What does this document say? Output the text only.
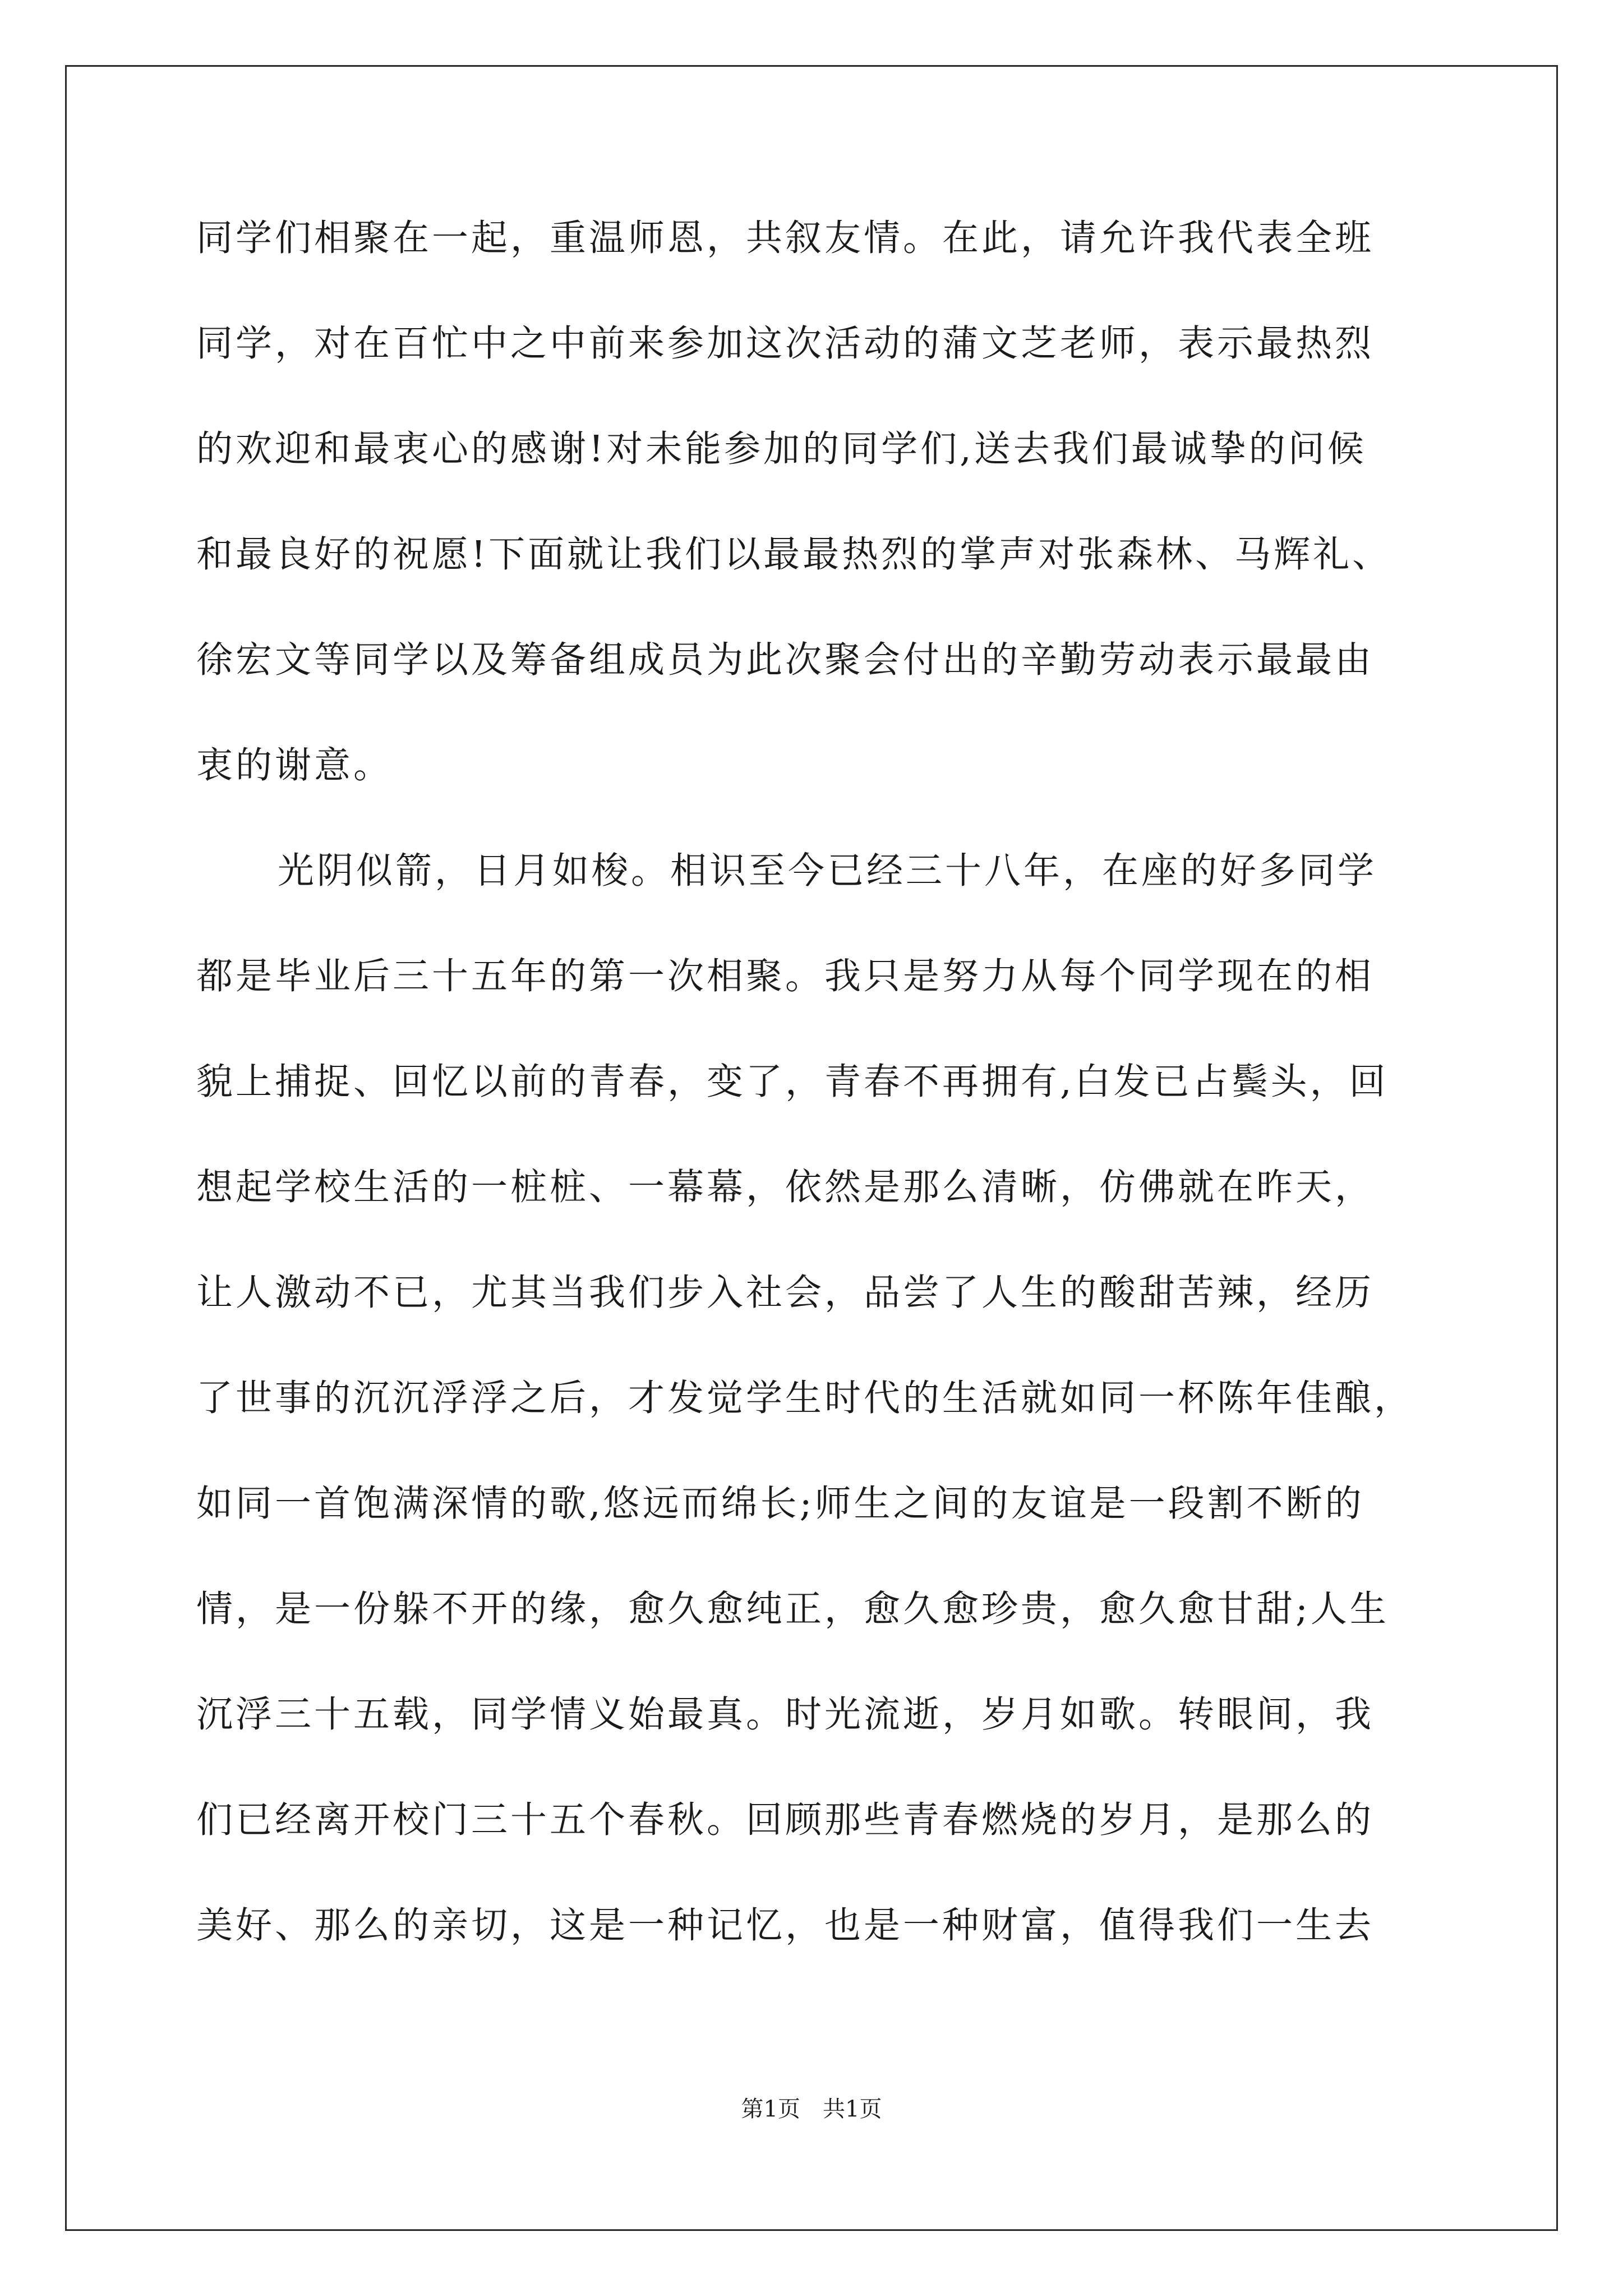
同学们相聚在一起，重温师恩，共叙友情。在此，请允许我代表全班
同学，对在百忙中之中前来参加这次活动的蒲文芝老师，表示最热烈
的欢迎和最衷心的感谢!对未能参加的同学们,送去我们最诚挚的问候
和最良好的祝愿!下面就让我们以最最热烈的掌声对张森林、马辉礼、
徐宏文等同学以及筹备组成员为此次聚会付出的辛勤劳动表示最最由
衷的谢意。
光阴似箭，日月如梭。相识至今已经三十八年，在座的好多同学
都是毕业后三十五年的第一次相聚。我只是努力从每个同学现在的相
貌上捕捉、回忆以前的青春，变了，青春不再拥有,白发已占鬓头，回
想起学校生活的一桩桩、一幕幕，依然是那么清晰，仿佛就在昨天，
让人激动不已，尤其当我们步入社会，品尝了人生的酸甜苦辣，经历
了世事的沉沉浮浮之后，才发觉学生时代的生活就如同一杯陈年佳酿，
如同一首饱满深情的歌,悠远而绵长;师生之间的友谊是一段割不断的
情，是一份躲不开的缘，愈久愈纯正，愈久愈珍贵，愈久愈甘甜;人生
沉浮三十五载，同学情义始最真。时光流逝，岁月如歌。转眼间，我
们已经离开校门三十五个春秋。回顾那些青春燃烧的岁月，是那么的
美好、那么的亲切，这是一种记忆，也是一种财富，值得我们一生去
第1页　共1页
